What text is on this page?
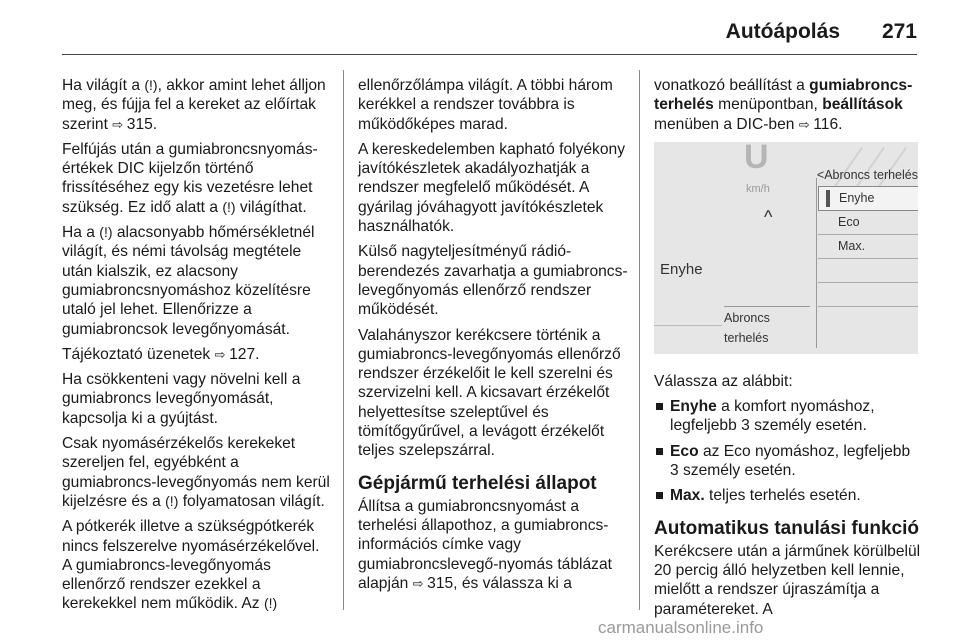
Autóápolás 271

Ha világít a (!), akkor amint lehet álljon meg, és fújja fel a kereket az előírtak szerint ⇨ 315.

Felfújás után a gumiabroncsnyomás-értékek DIC kijelzőn történő frissítéséhez egy kis vezetésre lehet szükség. Ez idő alatt a (!) világíthat.

Ha a (!) alacsonyabb hőmérsékletnél világít, és némi távolság megtétele után kialszik, ez alacsony gumiabroncsnyomáshoz közelítésre utaló jel lehet. Ellenőrizze a gumiabroncsok levegőnyomását.

Tájékoztató üzenetek ⇨ 127.

Ha csökkenteni vagy növelni kell a gumiabroncs levegőnyomását, kapcsolja ki a gyújtást.

Csak nyomásérzékelős kerekeket szereljen fel, egyébként a gumiabroncs-levegőnyomás nem kerül kijelzésre és a (!) folyamatosan világít.

A pótkerék illetve a szükségpótkerék nincs felszerelve nyomásérzékelővel. A gumiabroncs-levegőnyomás ellenőrző rendszer ezekkel a kerekekkel nem működik. Az (!)

ellenőrzőlámpa világít. A többi három kerékkel a rendszer továbbra is működőképes marad.

A kereskedelemben kapható folyékony javítókészletek akadályozhatják a rendszer megfelelő működését. A gyárilag jóváhagyott javítókészletek használhatók.

Külső nagyteljesítményű rádió-berendezés zavarhatja a gumiabroncs-levegőnyomás ellenőrző rendszer működését.

Valahányszor kerékcsere történik a gumiabroncs-levegőnyomás ellenőrző rendszer érzékelőit le kell szerelni és szervizelni kell. A kicsavart érzékelőt helyettesítse szeleptűvel és tömítőgyűrűvel, a levágott érzékelőt teljes szelepszárral.

Gépjármű terhelési állapot

Állítsa a gumiabroncsnyomást a terhelési állapothoz, a gumiabroncs-információs címke vagy gumiabroncslevegő-nyomás táblázat alapján ⇨ 315, és válassza ki a

vonatkozó beállítást a gumiabroncs-terhelés menüpontban, beállítások menüben a DIC-ben ⇨ 116.

U
km/h
<Abroncs terhelés
^
Enyhe
Abroncs terhelés
Enyhe
Eco
Max.

Válassza az alábbit:

Enyhe a komfort nyomáshoz, legfeljebb 3 személy esetén.
Eco az Eco nyomáshoz, legfeljebb 3 személy esetén.
Max. teljes terhelés esetén.
Automatikus tanulási funkció

Kerékcsere után a járműnek körülbelül 20 percig álló helyzetben kell lennie, mielőtt a rendszer újraszámítja a paramétereket. A

carmanualsonline.info
